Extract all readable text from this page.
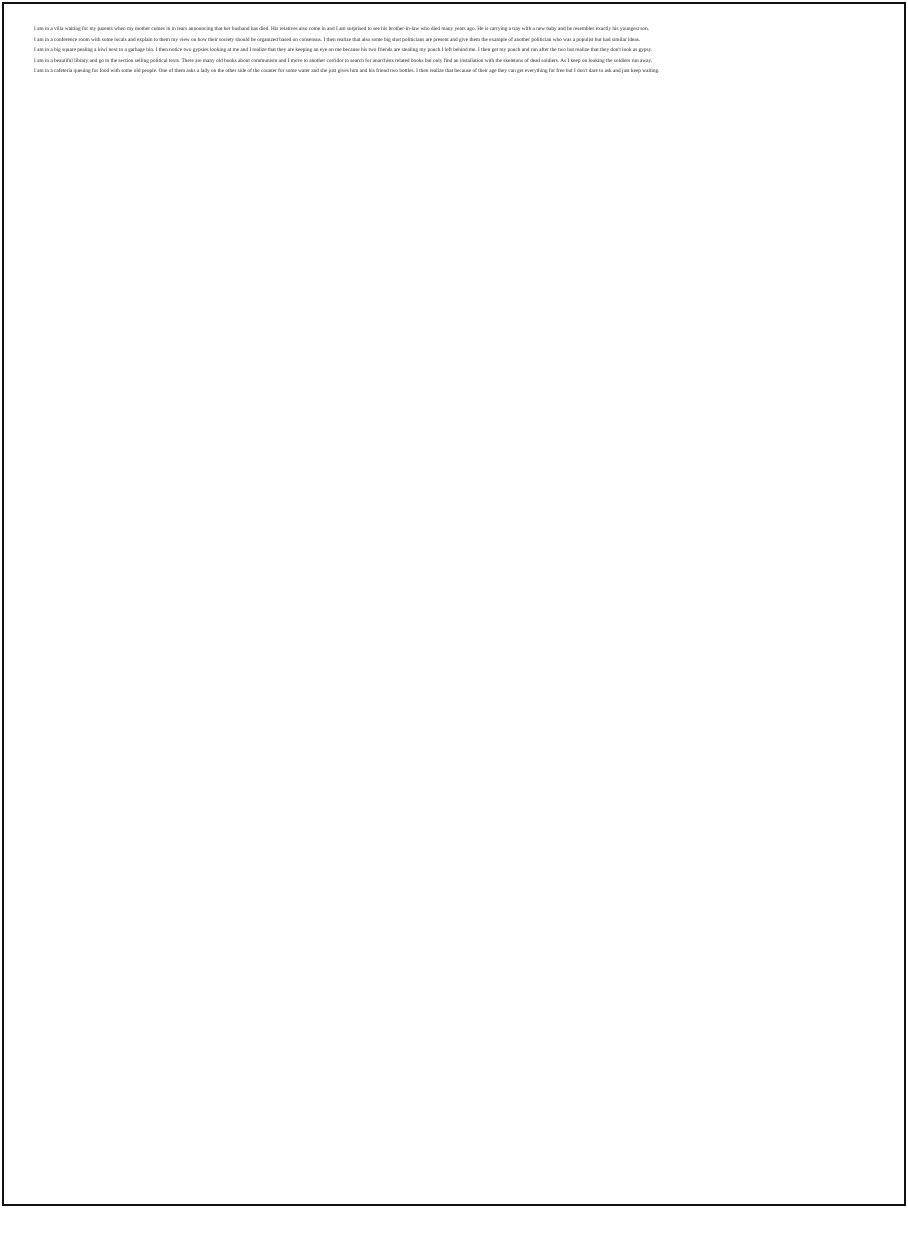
I am in a villa waiting for my parents when my mother comes in in tears announcing that her husband has died. His relatives also come in and I am surprised to see his brother-in-law who died many years ago. He is carrying a tray with a new baby and he resembles exactly his youngest son.
I am in a conference room with some locals and explain to them my view on how their society should be organized based on consensus. I then realize that also some big shot politicians are present and give them the example of another politician who was a populist but had similar ideas.
I am in a big square pealing a kiwi next to a garbage bin. I then notice two gypsies looking at me and I realize that they are keeping an eye on me because his two friends are stealing my pouch I left behind me. I then get my pouch and run after the two but realize that they don't look as gypsy.
I am in a beautiful library and go to the section selling political texts. There are many old books about communism and I move to another corridor to search for anarchists related books but only find an installation with the skeletons of dead soldiers. As I keep on looking the soldiers run away.
I am in a cafeteria queuing for food with some old people. One of them asks a lady on the other side of the counter for some water and she just gives him and his friend two bottles. I then realize that because of their age they can get everything for free but I don't dare to ask and just keep waiting.
